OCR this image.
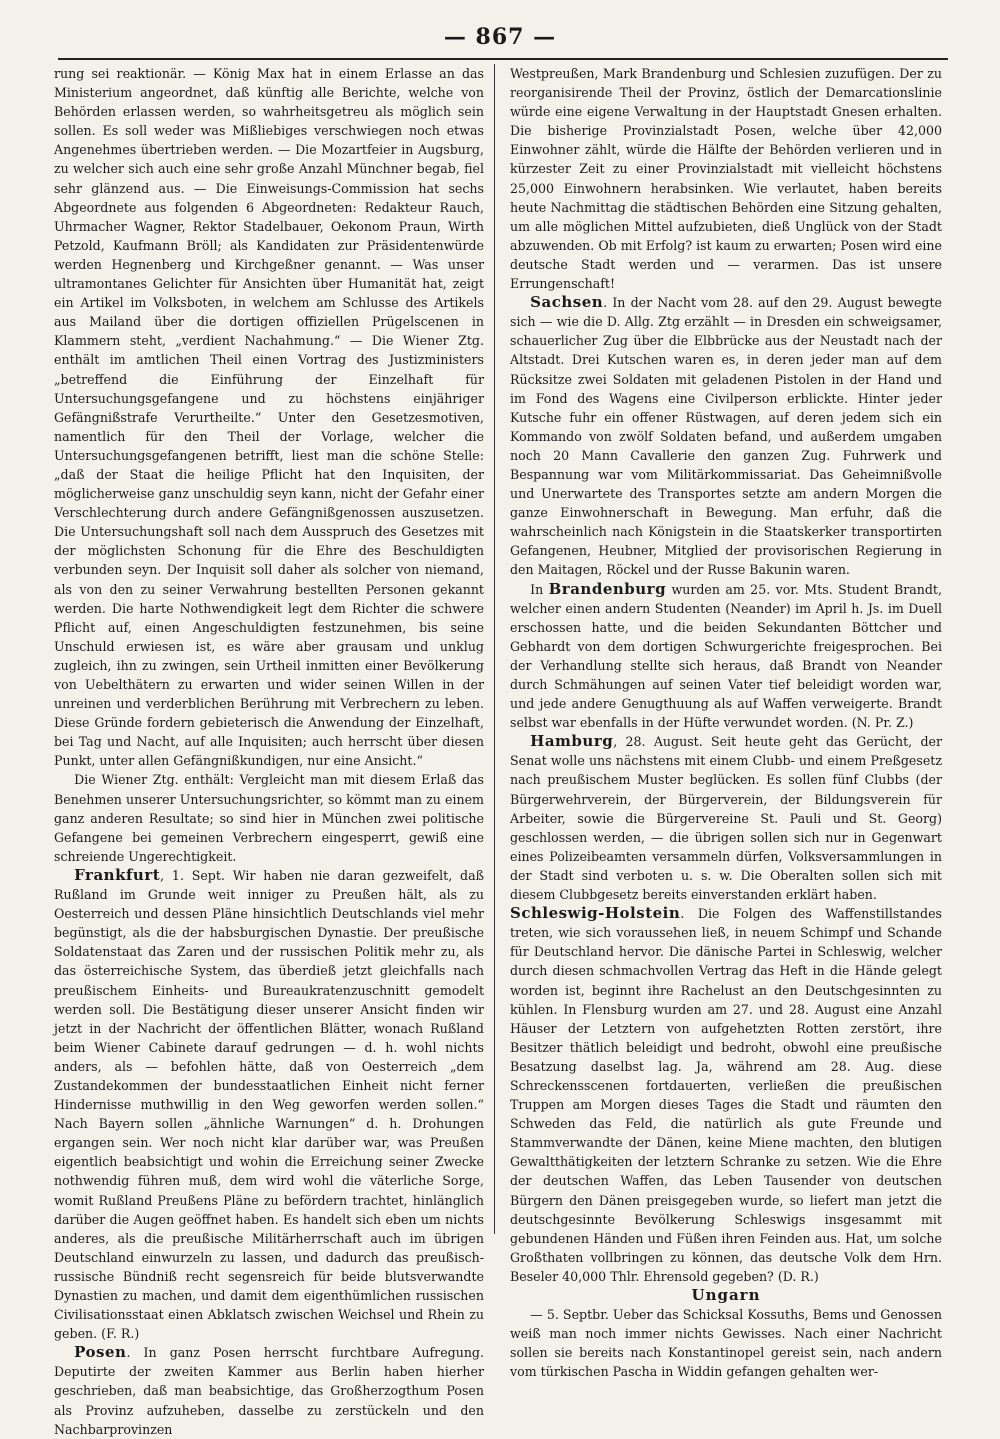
— 867 —

rung sei reaktionär. — König Max hat in einem Erlasse an das Ministerium angeordnet, daß künftig alle Berichte, welche von Behörden erlassen werden, so wahrheitsgetreu als möglich sein sollen. Es soll weder was Mißliebiges verschwiegen noch etwas Angenehmes übertrieben werden. — Die Mozartfeier in Augsburg, zu welcher sich auch eine sehr große Anzahl Münchner begab, fiel sehr glänzend aus. — Die Einweisungs-Commission hat sechs Abgeordnete aus folgenden 6 Abgeordneten: Redakteur Rauch, Uhrmacher Wagner, Rektor Stadelbauer, Oekonom Praun, Wirth Petzold, Kaufmann Bröll; als Kandidaten zur Präsidentenwürde werden Hegnenberg und Kirchgeßner genannt. — Was unser ultramontanes Gelichter für Ansichten über Humanität hat, zeigt ein Artikel im Volksboten, in welchem am Schlusse des Artikels aus Mailand über die dortigen offiziellen Prügelscenen in Klammern steht, „verdient Nachahmung.“ — Die Wiener Ztg. enthält im amtlichen Theil einen Vortrag des Justizministers „betreffend die Einführung der Einzelhaft für Untersuchungsgefangene und zu höchstens einjähriger Gefängnißstrafe Verurtheilte.“ Unter den Gesetzesmotiven, namentlich für den Theil der Vorlage, welcher die Untersuchungsgefangenen betrifft, liest man die schöne Stelle: „daß der Staat die heilige Pflicht hat den Inquisiten, der möglicherweise ganz unschuldig seyn kann, nicht der Gefahr einer Verschlechterung durch andere Gefängnißgenossen auszusetzen. Die Untersuchungshaft soll nach dem Ausspruch des Gesetzes mit der möglichsten Schonung für die Ehre des Beschuldigten verbunden seyn. Der Inquisit soll daher als solcher von niemand, als von den zu seiner Verwahrung bestellten Personen gekannt werden. Die harte Nothwendigkeit legt dem Richter die schwere Pflicht auf, einen Angeschuldigten festzunehmen, bis seine Unschuld erwiesen ist, es wäre aber grausam und unklug zugleich, ihn zu zwingen, sein Urtheil inmitten einer Bevölkerung von Uebelthätern zu erwarten und wider seinen Willen in der unreinen und verderblichen Berührung mit Verbrechern zu leben. Diese Gründe fordern gebieterisch die Anwendung der Einzelhaft, bei Tag und Nacht, auf alle Inquisiten; auch herrscht über diesen Punkt, unter allen Gefängnißkundigen, nur eine Ansicht.“

Die Wiener Ztg. enthält: Vergleicht man mit diesem Erlaß das Benehmen unserer Untersuchungsrichter, so kömmt man zu einem ganz anderen Resultate; so sind hier in München zwei politische Gefangene bei gemeinen Verbrechern eingesperrt, gewiß eine schreiende Ungerechtigkeit.

Frankfurt, 1. Sept. Wir haben nie daran gezweifelt, daß Rußland im Grunde weit inniger zu Preußen hält, als zu Oesterreich und dessen Pläne hinsichtlich Deutschlands viel mehr begünstigt, als die der habsburgischen Dynastie. Der preußische Soldatenstaat das Zaren und der russischen Politik mehr zu, als das österreichische System, das überdieß jetzt gleichfalls nach preußischem Einheits- und Bureaukratenzuschnitt gemodelt werden soll. Die Bestätigung dieser unserer Ansicht finden wir jetzt in der Nachricht der öffentlichen Blätter, wonach Rußland beim Wiener Cabinete darauf gedrungen — d. h. wohl nichts anders, als — befohlen hätte, daß von Oesterreich „dem Zustandekommen der bundesstaatlichen Einheit nicht ferner Hindernisse muthwillig in den Weg geworfen werden sollen.“ Nach Bayern sollen „ähnliche Warnungen“ d. h. Drohungen ergangen sein. Wer noch nicht klar darüber war, was Preußen eigentlich beabsichtigt und wohin die Erreichung seiner Zwecke nothwendig führen muß, dem wird wohl die väterliche Sorge, womit Rußland Preußens Pläne zu befördern trachtet, hinlänglich darüber die Augen geöffnet haben. Es handelt sich eben um nichts anderes, als die preußische Militärherrschaft auch im übrigen Deutschland einwurzeln zu lassen, und dadurch das preußisch-russische Bündniß recht segensreich für beide blutsverwandte Dynastien zu machen, und damit dem eigenthümlichen russischen Civilisationsstaat einen Abklatsch zwischen Weichsel und Rhein zu geben. (F. R.)

Posen. In ganz Posen herrscht furchtbare Aufregung. Deputirte der zweiten Kammer aus Berlin haben hierher geschrieben, daß man beabsichtige, das Großherzogthum Posen als Provinz aufzuheben, dasselbe zu zerstückeln und den Nachbarprovinzen

Westpreußen, Mark Brandenburg und Schlesien zuzufügen. Der zu reorganisirende Theil der Provinz, östlich der Demarcationslinie würde eine eigene Verwaltung in der Hauptstadt Gnesen erhalten. Die bisherige Provinzialstadt Posen, welche über 42,000 Einwohner zählt, würde die Hälfte der Behörden verlieren und in kürzester Zeit zu einer Provinzialstadt mit vielleicht höchstens 25,000 Einwohnern herabsinken. Wie verlautet, haben bereits heute Nachmittag die städtischen Behörden eine Sitzung gehalten, um alle möglichen Mittel aufzubieten, dieß Unglück von der Stadt abzuwenden. Ob mit Erfolg? ist kaum zu erwarten; Posen wird eine deutsche Stadt werden und — verarmen. Das ist unsere Errungenschaft!

Sachsen. In der Nacht vom 28. auf den 29. August bewegte sich — wie die D. Allg. Ztg erzählt — in Dresden ein schweigsamer, schauerlicher Zug über die Elbbrücke aus der Neustadt nach der Altstadt. Drei Kutschen waren es, in deren jeder man auf dem Rücksitze zwei Soldaten mit geladenen Pistolen in der Hand und im Fond des Wagens eine Civilperson erblickte. Hinter jeder Kutsche fuhr ein offener Rüstwagen, auf deren jedem sich ein Kommando von zwölf Soldaten befand, und außerdem umgaben noch 20 Mann Cavallerie den ganzen Zug. Fuhrwerk und Bespannung war vom Militärkommissariat. Das Geheimnißvolle und Unerwartete des Transportes setzte am andern Morgen die ganze Einwohnerschaft in Bewegung. Man erfuhr, daß die wahrscheinlich nach Königstein in die Staatskerker transportirten Gefangenen, Heubner, Mitglied der provisorischen Regierung in den Maitagen, Röckel und der Russe Bakunin waren.

In Brandenburg wurden am 25. vor. Mts. Student Brandt, welcher einen andern Studenten (Neander) im April h. Js. im Duell erschossen hatte, und die beiden Sekundanten Böttcher und Gebhardt von dem dortigen Schwurgerichte freigesprochen. Bei der Verhandlung stellte sich heraus, daß Brandt von Neander durch Schmähungen auf seinen Vater tief beleidigt worden war, und jede andere Genugthuung als auf Waffen verweigerte. Brandt selbst war ebenfalls in der Hüfte verwundet worden. (N. Pr. Z.)

Hamburg, 28. August. Seit heute geht das Gerücht, der Senat wolle uns nächstens mit einem Clubb- und einem Preßgesetz nach preußischem Muster beglücken. Es sollen fünf Clubbs (der Bürgerwehrverein, der Bürgerverein, der Bildungsverein für Arbeiter, sowie die Bürgervereine St. Pauli und St. Georg) geschlossen werden, — die übrigen sollen sich nur in Gegenwart eines Polizeibeamten versammeln dürfen, Volksversammlungen in der Stadt sind verboten u. s. w. Die Oberalten sollen sich mit diesem Clubbgesetz bereits einverstanden erklärt haben.

Schleswig-Holstein. Die Folgen des Waffenstillstandes treten, wie sich voraussehen ließ, in neuem Schimpf und Schande für Deutschland hervor. Die dänische Partei in Schleswig, welcher durch diesen schmachvollen Vertrag das Heft in die Hände gelegt worden ist, beginnt ihre Rachelust an den Deutschgesinnten zu kühlen. In Flensburg wurden am 27. und 28. August eine Anzahl Häuser der Letztern von aufgehetzten Rotten zerstört, ihre Besitzer thätlich beleidigt und bedroht, obwohl eine preußische Besatzung daselbst lag. Ja, während am 28. Aug. diese Schreckensscenen fortdauerten, verließen die preußischen Truppen am Morgen dieses Tages die Stadt und räumten den Schweden das Feld, die natürlich als gute Freunde und Stammverwandte der Dänen, keine Miene machten, den blutigen Gewaltthätigkeiten der letztern Schranke zu setzen. Wie die Ehre der deutschen Waffen, das Leben Tausender von deutschen Bürgern den Dänen preisgegeben wurde, so liefert man jetzt die deutschgesinnte Bevölkerung Schleswigs insgesammt mit gebundenen Händen und Füßen ihren Feinden aus. Hat, um solche Großthaten vollbringen zu können, das deutsche Volk dem Hrn. Beseler 40,000 Thlr. Ehrensold gegeben? (D. R.)

Ungarn

— 5. Septbr. Ueber das Schicksal Kossuths, Bems und Genossen weiß man noch immer nichts Gewisses. Nach einer Nachricht sollen sie bereits nach Konstantinopel gereist sein, nach andern vom türkischen Pascha in Widdin gefangen gehalten wer-
